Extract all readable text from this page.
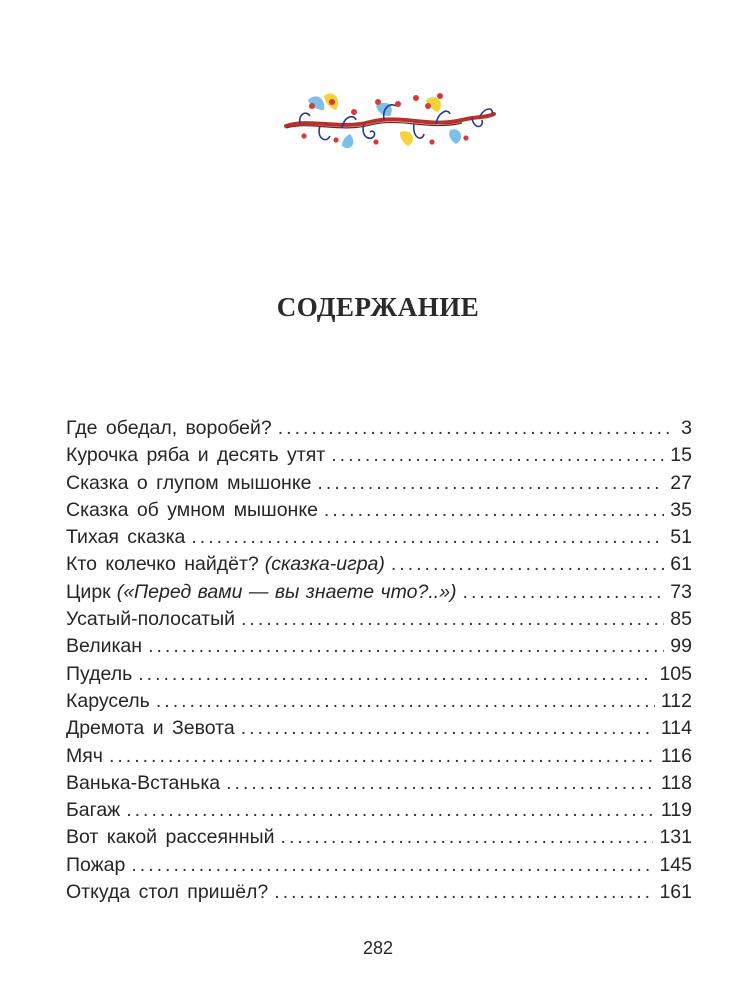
СОДЕРЖАНИЕ
Где обедал, воробей? .....	3
Курочка ряба и десять утят .....	15
Сказка о глупом мышонке .....	27
Сказка об умном мышонке .....	35
Тихая сказка .....	51
Кто колечко найдёт? (сказка-игра) .....	61
Цирк («Перед вами — вы знаете что?..») .....	73
Усатый-полосатый .....	85
Великан .....	99
Пудель .....	105
Карусель .....	112
Дремота и Зевота .....	114
Мяч .....	116
Ванька-Встанька .....	118
Багаж .....	119
Вот какой рассеянный .....	131
Пожар .....	145
Откуда стол пришёл? .....	161
282
